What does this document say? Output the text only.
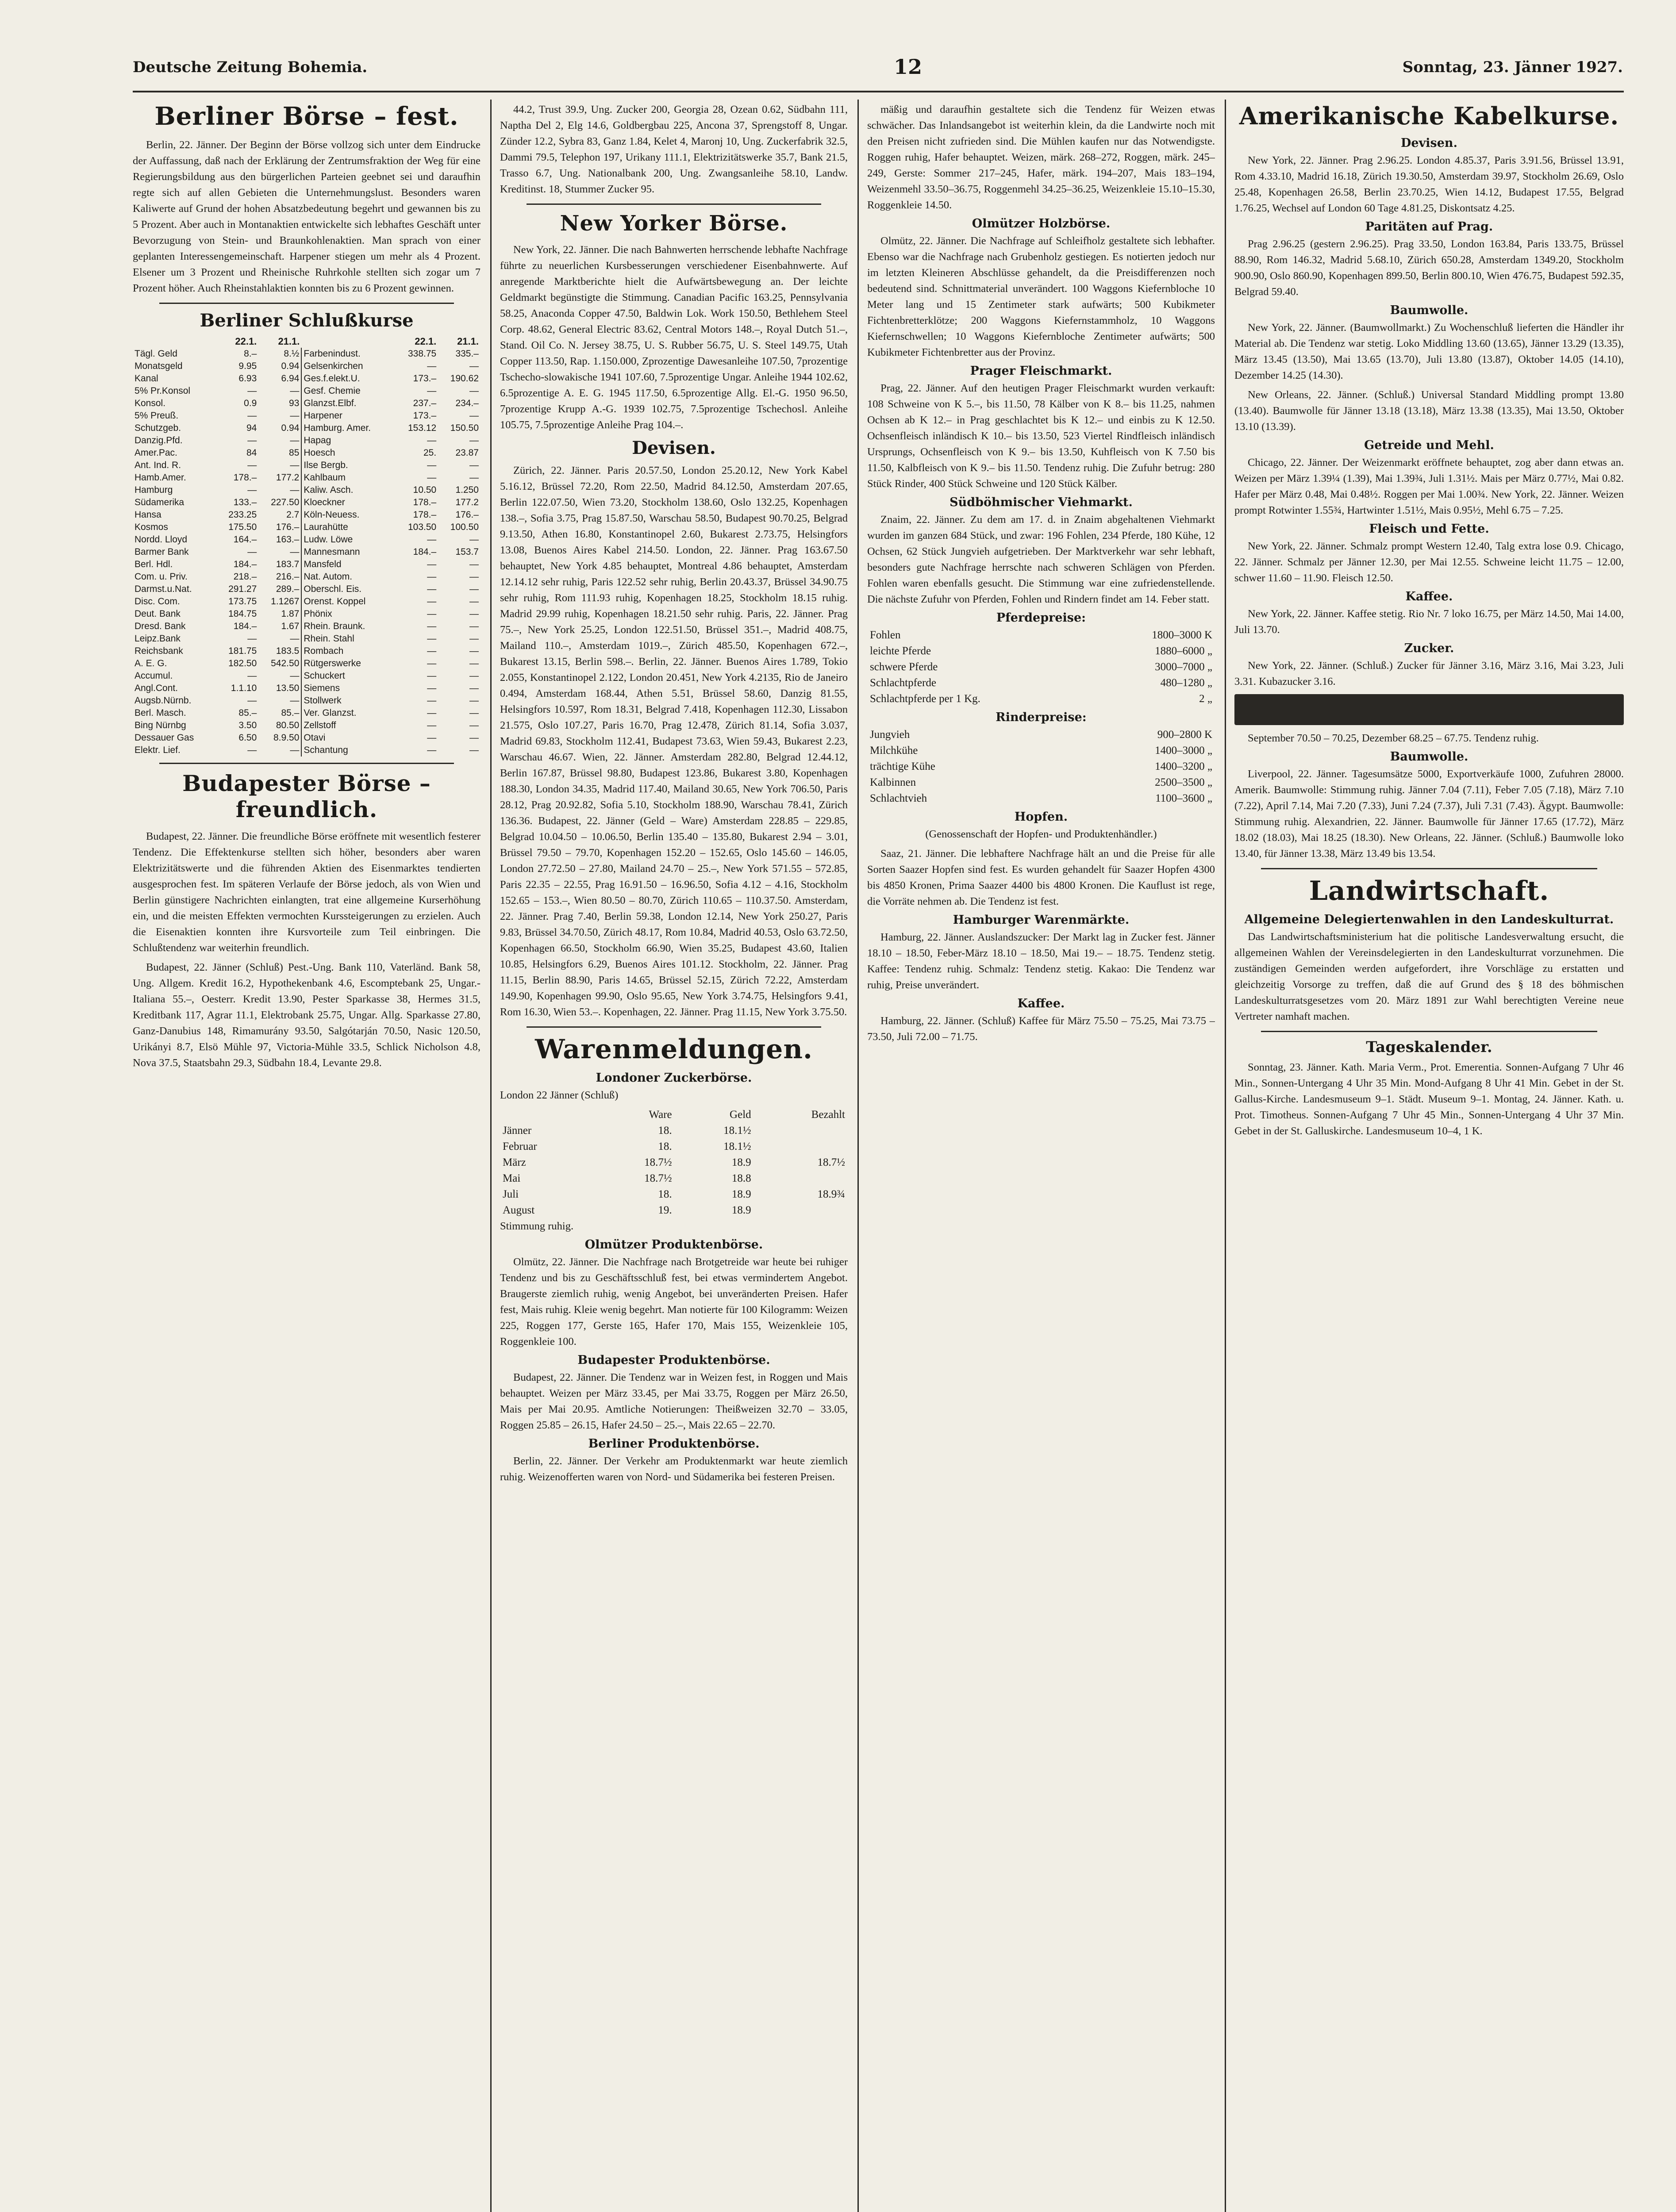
Deutsche Zeitung Bohemia.	12	Sonntag, 23. Jänner 1927.
Berliner Börse – fest.

Berlin, 22. Jänner. Der Beginn der Börse vollzog sich unter dem Eindrucke der Auffassung, daß nach der Erklärung der Zentrumsfraktion der Weg für eine Regierungsbildung aus den bürgerlichen Parteien geebnet sei und daraufhin regte sich auf allen Gebieten die Unternehmungslust. Besonders waren Kaliwerte auf Grund der hohen Absatzbedeutung begehrt und gewannen bis zu 5 Prozent. Aber auch in Montanaktien entwickelte sich lebhaftes Geschäft unter Bevorzugung von Stein- und Braunkohlenaktien. Man sprach von einer geplanten Interessengemeinschaft. Harpener stiegen um mehr als 4 Prozent. Elsener um 3 Prozent und Rheinische Ruhrkohle stellten sich zogar um 7 Prozent höher. Auch Rheinstahlaktien konnten bis zu 6 Prozent gewinnen.

Berliner Schlußkurse
	22.1.	21.1.		22.1.	21.1.
Tägl. Geld	8.–	8.½	Farbenindust.	338.75	335.–
Monatsgeld	9.95	0.94	Gelsenkirchen	—	—
Kanal	6.93	6.94	Ges.f.elekt.U.	173.–	190.62
5% Pr.Konsol	—	—	Gesf. Chemie	—	—
Konsol.	0.9	93	Glanzst.Elbf.	237.–	234.–
5% Preuß.	—	—	Harpener	173.–	—
Schutzgeb.	94	0.94	Hamburg. Amer.	153.12	150.50
Danzig.Pfd.	—	—	Hapag	—	—
Amer.Pac.	84	85	Hoesch	25.	23.87
Ant. Ind. R.	—	—	Ilse Bergb.	—	—
Hamb.Amer.	178.–	177.2	Kahlbaum	—	—
Hamburg	—	—	Kaliw. Asch.	10.50	1.250
Südamerika	133.–	227.50	Kloeckner	178.–	177.2
Hansa	233.25	2.7	Köln-Neuess.	178.–	176.–
Kosmos	175.50	176.–	Laurahütte	103.50	100.50
Nordd. Lloyd	164.–	163.–	Ludw. Löwe	—	—
Barmer Bank	—	—	Mannesmann	184.–	153.7
Berl. Hdl.	184.–	183.7	Mansfeld	—	—
Com. u. Priv.	218.–	216.–	Nat. Autom.	—	—
Darmst.u.Nat.	291.27	289.–	Oberschl. Eis.	—	—
Disc. Com.	173.75	1.1267	Orenst. Koppel	—	—
Deut. Bank	184.75	1.87	Phönix	—	—
Dresd. Bank	184.–	1.67	Rhein. Braunk.	—	—
Leipz.Bank	—	—	Rhein. Stahl	—	—
Reichsbank	181.75	183.5	Rombach	—	—
A. E. G.	182.50	542.50	Rütgerswerke	—	—
Accumul.	—	—	Schuckert	—	—
Angl.Cont.	1.1.10	13.50	Siemens	—	—
Augsb.Nürnb.	—	—	Stollwerk	—	—
Berl. Masch.	85.–	85.–	Ver. Glanzst.	—	—
Bing Nürnbg	3.50	80.50	Zellstoff	—	—
Dessauer Gas	6.50	8.9.50	Otavi	—	—
Elektr. Lief.	—	—	Schantung	—	—
Budapester Börse – freundlich.

Budapest, 22. Jänner. Die freundliche Börse eröffnete mit wesentlich festerer Tendenz. Die Effektenkurse stellten sich höher, besonders aber waren Elektrizitätswerte und die führenden Aktien des Eisenmarktes tendierten ausgesprochen fest. Im späteren Verlaufe der Börse jedoch, als von Wien und Berlin günstigere Nachrichten einlangten, trat eine allgemeine Kurserhöhung ein, und die meisten Effekten vermochten Kurssteigerungen zu erzielen. Auch die Eisenaktien konnten ihre Kursvorteile zum Teil einbringen. Die Schlußtendenz war weiterhin freundlich.

Budapest, 22. Jänner (Schluß) Pest.-Ung. Bank 110, Vaterländ. Bank 58, Ung. Allgem. Kredit 16.2, Hypothekenbank 4.6, Escomptebank 25, Ungar.-Italiana 55.–, Oesterr. Kredit 13.90, Pester Sparkasse 38, Hermes 31.5, Kreditbank 117, Agrar 11.1, Elektrobank 25.75, Ungar. Allg. Sparkasse 27.80, Ganz-Danubius 148, Rimamurány 93.50, Salgótarján 70.50, Nasic 120.50, Urikányi 8.7, Elsö Mühle 97, Victoria-Mühle 33.5, Schlick Nicholson 4.8, Nova 37.5, Staatsbahn 29.3, Südbahn 18.4, Levante 29.8.

44.2, Trust 39.9, Ung. Zucker 200, Georgia 28, Ozean 0.62, Südbahn 111, Naptha Del 2, Elg 14.6, Goldbergbau 225, Ancona 37, Sprengstoff 8, Ungar. Zünder 12.2, Sybra 83, Ganz 1.84, Kelet 4, Maronj 10, Ung. Zuckerfabrik 32.5, Dammi 79.5, Telephon 197, Urikany 111.1, Elektrizitätswerke 35.7, Bank 21.5, Trasso 6.7, Ung. Nationalbank 200, Ung. Zwangsanleihe 58.10, Landw. Kreditinst. 18, Stummer Zucker 95.

New Yorker Börse.

New York, 22. Jänner. Die nach Bahnwerten herrschende lebhafte Nachfrage führte zu neuerlichen Kursbesserungen verschiedener Eisenbahnwerte. Auf anregende Marktberichte hielt die Aufwärtsbewegung an. Der leichte Geldmarkt begünstigte die Stimmung. Canadian Pacific 163.25, Pennsylvania 58.25, Anaconda Copper 47.50, Baldwin Lok. Work 150.50, Bethlehem Steel Corp. 48.62, General Electric 83.62, Central Motors 148.–, Royal Dutch 51.–, Stand. Oil Co. N. Jersey 38.75, U. S. Rubber 56.75, U. S. Steel 149.75, Utah Copper 113.50, Rap. 1.150.000, Zprozentige Dawesanleihe 107.50, 7prozentige Tschecho-slowakische 1941 107.60, 7.5prozentige Ungar. Anleihe 1944 102.62, 6.5prozentige A. E. G. 1945 117.50, 6.5prozentige Allg. El.-G. 1950 96.50, 7prozentige Krupp A.-G. 1939 102.75, 7.5prozentige Tschechosl. Anleihe 105.75, 7.5prozentige Anleihe Prag 104.–.

Devisen.

Zürich, 22. Jänner. Paris 20.57.50, London 25.20.12, New York Kabel 5.16.12, Brüssel 72.20, Rom 22.50, Madrid 84.12.50, Amsterdam 207.65, Berlin 122.07.50, Wien 73.20, Stockholm 138.60, Oslo 132.25, Kopenhagen 138.–, Sofia 3.75, Prag 15.87.50, Warschau 58.50, Budapest 90.70.25, Belgrad 9.13.50, Athen 16.80, Konstantinopel 2.60, Bukarest 2.73.75, Helsingfors 13.08, Buenos Aires Kabel 214.50. London, 22. Jänner. Prag 163.67.50 behauptet, New York 4.85 behauptet, Montreal 4.86 behauptet, Amsterdam 12.14.12 sehr ruhig, Paris 122.52 sehr ruhig, Berlin 20.43.37, Brüssel 34.90.75 sehr ruhig, Rom 111.93 ruhig, Kopenhagen 18.25, Stockholm 18.15 ruhig. Madrid 29.99 ruhig, Kopenhagen 18.21.50 sehr ruhig. Paris, 22. Jänner. Prag 75.–, New York 25.25, London 122.51.50, Brüssel 351.–, Madrid 408.75, Mailand 110.–, Amsterdam 1019.–, Zürich 485.50, Kopenhagen 672.–, Bukarest 13.15, Berlin 598.–. Berlin, 22. Jänner. Buenos Aires 1.789, Tokio 2.055, Konstantinopel 2.122, London 20.451, New York 4.2135, Rio de Janeiro 0.494, Amsterdam 168.44, Athen 5.51, Brüssel 58.60, Danzig 81.55, Helsingfors 10.597, Rom 18.31, Belgrad 7.418, Kopenhagen 112.30, Lissabon 21.575, Oslo 107.27, Paris 16.70, Prag 12.478, Zürich 81.14, Sofia 3.037, Madrid 69.83, Stockholm 112.41, Budapest 73.63, Wien 59.43, Bukarest 2.23, Warschau 46.67. Wien, 22. Jänner. Amsterdam 282.80, Belgrad 12.44.12, Berlin 167.87, Brüssel 98.80, Budapest 123.86, Bukarest 3.80, Kopenhagen 188.30, London 34.35, Madrid 117.40, Mailand 30.65, New York 706.50, Paris 28.12, Prag 20.92.82, Sofia 5.10, Stockholm 188.90, Warschau 78.41, Zürich 136.36. Budapest, 22. Jänner (Geld – Ware) Amsterdam 228.85 – 229.85, Belgrad 10.04.50 – 10.06.50, Berlin 135.40 – 135.80, Bukarest 2.94 – 3.01, Brüssel 79.50 – 79.70, Kopenhagen 152.20 – 152.65, Oslo 145.60 – 146.05, London 27.72.50 – 27.80, Mailand 24.70 – 25.–, New York 571.55 – 572.85, Paris 22.35 – 22.55, Prag 16.91.50 – 16.96.50, Sofia 4.12 – 4.16, Stockholm 152.65 – 153.–, Wien 80.50 – 80.70, Zürich 110.65 – 110.37.50. Amsterdam, 22. Jänner. Prag 7.40, Berlin 59.38, London 12.14, New York 250.27, Paris 9.83, Brüssel 34.70.50, Zürich 48.17, Rom 10.84, Madrid 40.53, Oslo 63.72.50, Kopenhagen 66.50, Stockholm 66.90, Wien 35.25, Budapest 43.60, Italien 10.85, Helsingfors 6.29, Buenos Aires 101.12. Stockholm, 22. Jänner. Prag 11.15, Berlin 88.90, Paris 14.65, Brüssel 52.15, Zürich 72.22, Amsterdam 149.90, Kopenhagen 99.90, Oslo 95.65, New York 3.74.75, Helsingfors 9.41, Rom 16.30, Wien 53.–. Kopenhagen, 22. Jänner. Prag 11.15, New York 3.75.50.

Warenmeldungen.
Londoner Zuckerbörse.

London 22 Jänner (Schluß)

	Ware	Geld	Bezahlt
Jänner	18.	18.1½	
Februar	18.	18.1½	
März	18.7½	18.9	18.7½
Mai	18.7½	18.8	
Juli	18.	18.9	18.9¾
August	19.	18.9	

Stimmung ruhig.

Olmützer Produktenbörse.

Olmütz, 22. Jänner. Die Nachfrage nach Brotgetreide war heute bei ruhiger Tendenz und bis zu Geschäftsschluß fest, bei etwas vermindertem Angebot. Braugerste ziemlich ruhig, wenig Angebot, bei unveränderten Preisen. Hafer fest, Mais ruhig. Kleie wenig begehrt. Man notierte für 100 Kilogramm: Weizen 225, Roggen 177, Gerste 165, Hafer 170, Mais 155, Weizenkleie 105, Roggenkleie 100.

Budapester Produktenbörse.

Budapest, 22. Jänner. Die Tendenz war in Weizen fest, in Roggen und Mais behauptet. Weizen per März 33.45, per Mai 33.75, Roggen per März 26.50, Mais per Mai 20.95. Amtliche Notierungen: Theißweizen 32.70 – 33.05, Roggen 25.85 – 26.15, Hafer 24.50 – 25.–, Mais 22.65 – 22.70.

Berliner Produktenbörse.

Berlin, 22. Jänner. Der Verkehr am Produktenmarkt war heute ziemlich ruhig. Weizenofferten waren von Nord- und Südamerika bei festeren Preisen.

mäßig und daraufhin gestaltete sich die Tendenz für Weizen etwas schwächer. Das Inlandsangebot ist weiterhin klein, da die Landwirte noch mit den Preisen nicht zufrieden sind. Die Mühlen kaufen nur das Notwendigste. Roggen ruhig, Hafer behauptet. Weizen, märk. 268–272, Roggen, märk. 245–249, Gerste: Sommer 217–245, Hafer, märk. 194–207, Mais 183–194, Weizenmehl 33.50–36.75, Roggenmehl 34.25–36.25, Weizenkleie 15.10–15.30, Roggenkleie 14.50.

Olmützer Holzbörse.

Olmütz, 22. Jänner. Die Nachfrage auf Schleifholz gestaltete sich lebhafter. Ebenso war die Nachfrage nach Grubenholz gestiegen. Es notierten jedoch nur im letzten Kleineren Abschlüsse gehandelt, da die Preisdifferenzen noch bedeutend sind. Schnittmaterial unverändert. 100 Waggons Kiefernbloche 10 Meter lang und 15 Zentimeter stark aufwärts; 500 Kubikmeter Fichtenbretterklötze; 200 Waggons Kiefernstammholz, 10 Waggons Kiefernschwellen; 10 Waggons Kiefernbloche Zentimeter aufwärts; 500 Kubikmeter Fichtenbretter aus der Provinz.

Prager Fleischmarkt.

Prag, 22. Jänner. Auf den heutigen Prager Fleischmarkt wurden verkauft: 108 Schweine von K 5.–, bis 11.50, 78 Kälber von K 8.– bis 11.25, nahmen Ochsen ab K 12.– in Prag geschlachtet bis K 12.– und einbis zu K 12.50. Ochsenfleisch inländisch K 10.– bis 13.50, 523 Viertel Rindfleisch inländisch Ursprungs, Ochsenfleisch von K 9.– bis 13.50, Kuhfleisch von K 7.50 bis 11.50, Kalbfleisch von K 9.– bis 11.50. Tendenz ruhig. Die Zufuhr betrug: 280 Stück Rinder, 400 Stück Schweine und 120 Stück Kälber.

Südböhmischer Viehmarkt.

Znaim, 22. Jänner. Zu dem am 17. d. in Znaim abgehaltenen Viehmarkt wurden im ganzen 684 Stück, und zwar: 196 Fohlen, 234 Pferde, 180 Kühe, 12 Ochsen, 62 Stück Jungvieh aufgetrieben. Der Marktverkehr war sehr lebhaft, besonders gute Nachfrage herrschte nach schweren Schlägen von Pferden. Fohlen waren ebenfalls gesucht. Die Stimmung war eine zufriedenstellende. Die nächste Zufuhr von Pferden, Fohlen und Rindern findet am 14. Feber statt.

Pferdepreise:
Fohlen	1800–3000 K
leichte Pferde	1880–6000 „
schwere Pferde	3000–7000 „
Schlachtpferde	480–1280 „
Schlachtpferde per 1 Kg.	2 „
Rinderpreise:
Jungvieh	900–2800 K
Milchkühe	1400–3000 „
trächtige Kühe	1400–3200 „
Kalbinnen	2500–3500 „
Schlachtvieh	1100–3600 „
Hopfen.

(Genossenschaft der Hopfen- und Produktenhändler.)

Saaz, 21. Jänner. Die lebhaftere Nachfrage hält an und die Preise für alle Sorten Saazer Hopfen sind fest. Es wurden gehandelt für Saazer Hopfen 4300 bis 4850 Kronen, Prima Saazer 4400 bis 4800 Kronen. Die Kauflust ist rege, die Vorräte nehmen ab. Die Tendenz ist fest.

Hamburger Warenmärkte.

Hamburg, 22. Jänner. Auslandszucker: Der Markt lag in Zucker fest. Jänner 18.10 – 18.50, Feber-März 18.10 – 18.50, Mai 19.– – 18.75. Tendenz stetig. Kaffee: Tendenz ruhig. Schmalz: Tendenz stetig. Kakao: Die Tendenz war ruhig, Preise unverändert.

Kaffee.

Hamburg, 22. Jänner. (Schluß) Kaffee für März 75.50 – 75.25, Mai 73.75 – 73.50, Juli 72.00 – 71.75.

Amerikanische Kabelkurse.
Devisen.

New York, 22. Jänner. Prag 2.96.25. London 4.85.37, Paris 3.91.56, Brüssel 13.91, Rom 4.33.10, Madrid 16.18, Zürich 19.30.50, Amsterdam 39.97, Stockholm 26.69, Oslo 25.48, Kopenhagen 26.58, Berlin 23.70.25, Wien 14.12, Budapest 17.55, Belgrad 1.76.25, Wechsel auf London 60 Tage 4.81.25, Diskontsatz 4.25.

Paritäten auf Prag.

Prag 2.96.25 (gestern 2.96.25). Prag 33.50, London 163.84, Paris 133.75, Brüssel 88.90, Rom 146.32, Madrid 5.68.10, Zürich 650.28, Amsterdam 1349.20, Stockholm 900.90, Oslo 860.90, Kopenhagen 899.50, Berlin 800.10, Wien 476.75, Budapest 592.35, Belgrad 59.40.

Baumwolle.

New York, 22. Jänner. (Baumwollmarkt.) Zu Wochenschluß lieferten die Händler ihr Material ab. Die Tendenz war stetig. Loko Middling 13.60 (13.65), Jänner 13.29 (13.35), März 13.45 (13.50), Mai 13.65 (13.70), Juli 13.80 (13.87), Oktober 14.05 (14.10), Dezember 14.25 (14.30).

New Orleans, 22. Jänner. (Schluß.) Universal Standard Middling prompt 13.80 (13.40). Baumwolle für Jänner 13.18 (13.18), März 13.38 (13.35), Mai 13.50, Oktober 13.10 (13.39).

Getreide und Mehl.

Chicago, 22. Jänner. Der Weizenmarkt eröffnete behauptet, zog aber dann etwas an. Weizen per März 1.39¼ (1.39), Mai 1.39¾, Juli 1.31½. Mais per März 0.77½, Mai 0.82. Hafer per März 0.48, Mai 0.48½. Roggen per Mai 1.00¾. New York, 22. Jänner. Weizen prompt Rotwinter 1.55¾, Hartwinter 1.51½, Mais 0.95½, Mehl 6.75 – 7.25.

Fleisch und Fette.

New York, 22. Jänner. Schmalz prompt Western 12.40, Talg extra lose 0.9. Chicago, 22. Jänner. Schmalz per Jänner 12.30, per Mai 12.55. Schweine leicht 11.75 – 12.00, schwer 11.60 – 11.90. Fleisch 12.50.

Kaffee.

New York, 22. Jänner. Kaffee stetig. Rio Nr. 7 loko 16.75, per März 14.50, Mai 14.00, Juli 13.70.

Zucker.

New York, 22. Jänner. (Schluß.) Zucker für Jänner 3.16, März 3.16, Mai 3.23, Juli 3.31. Kubazucker 3.16.

September 70.50 – 70.25, Dezember 68.25 – 67.75. Tendenz ruhig.

Baumwolle.

Liverpool, 22. Jänner. Tagesumsätze 5000, Exportverkäufe 1000, Zufuhren 28000. Amerik. Baumwolle: Stimmung ruhig. Jänner 7.04 (7.11), Feber 7.05 (7.18), März 7.10 (7.22), April 7.14, Mai 7.20 (7.33), Juni 7.24 (7.37), Juli 7.31 (7.43). Ägypt. Baumwolle: Stimmung ruhig. Alexandrien, 22. Jänner. Baumwolle für Jänner 17.65 (17.72), März 18.02 (18.03), Mai 18.25 (18.30). New Orleans, 22. Jänner. (Schluß.) Baumwolle loko 13.40, für Jänner 13.38, März 13.49 bis 13.54.

Landwirtschaft.
Allgemeine Delegiertenwahlen in den Landeskulturrat.

Das Landwirtschaftsministerium hat die politische Landesverwaltung ersucht, die allgemeinen Wahlen der Vereinsdelegierten in den Landeskulturrat vorzunehmen. Die zuständigen Gemeinden werden aufgefordert, ihre Vorschläge zu erstatten und gleichzeitig Vorsorge zu treffen, daß die auf Grund des § 18 des böhmischen Landeskulturratsgesetzes vom 20. März 1891 zur Wahl berechtigten Vereine neue Vertreter namhaft machen.

Tageskalender.

Sonntag, 23. Jänner. Kath. Maria Verm., Prot. Emerentia. Sonnen-Aufgang 7 Uhr 46 Min., Sonnen-Untergang 4 Uhr 35 Min. Mond-Aufgang 8 Uhr 41 Min. Gebet in der St. Gallus-Kirche. Landesmuseum 9–1. Städt. Museum 9–1. Montag, 24. Jänner. Kath. u. Prot. Timotheus. Sonnen-Aufgang 7 Uhr 45 Min., Sonnen-Untergang 4 Uhr 37 Min. Gebet in der St. Galluskirche. Landesmuseum 10–4, 1 K.
